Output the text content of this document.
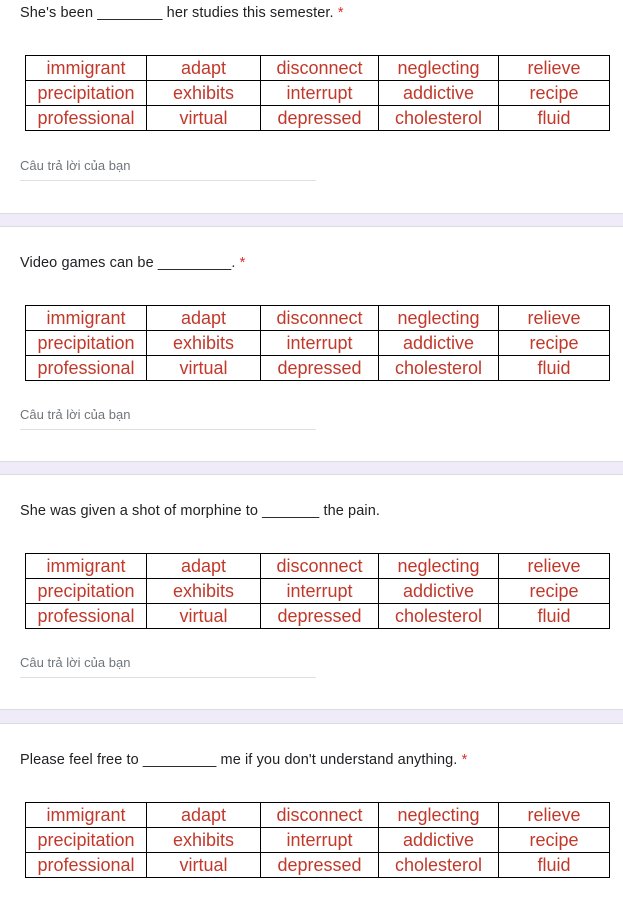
She's been ________ her studies this semester. *
immigrant	adapt	disconnect	neglecting	relieve
precipitation	exhibits	interrupt	addictive	recipe
professional	virtual	depressed	cholesterol	fluid
Câu trả lời của bạn
Video games can be _________. *
immigrant	adapt	disconnect	neglecting	relieve
precipitation	exhibits	interrupt	addictive	recipe
professional	virtual	depressed	cholesterol	fluid
Câu trả lời của bạn
She was given a shot of morphine to _______ the pain.
immigrant	adapt	disconnect	neglecting	relieve
precipitation	exhibits	interrupt	addictive	recipe
professional	virtual	depressed	cholesterol	fluid
Câu trả lời của bạn
Please feel free to _________ me if you don't understand anything. *
immigrant	adapt	disconnect	neglecting	relieve
precipitation	exhibits	interrupt	addictive	recipe
professional	virtual	depressed	cholesterol	fluid
